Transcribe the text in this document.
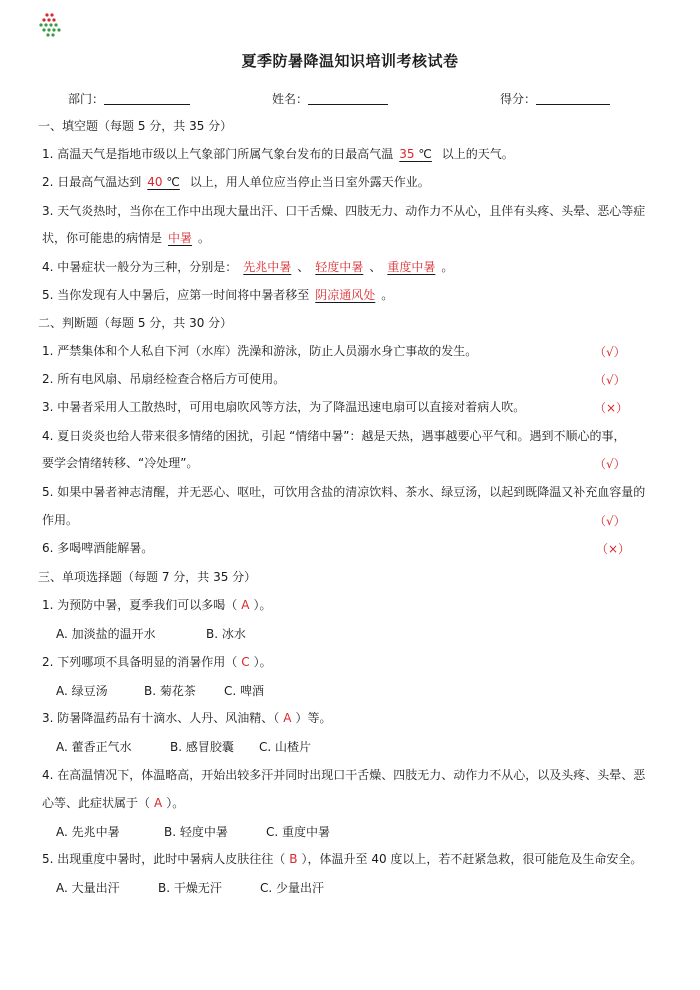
夏季防暑降温知识培训考核试卷
部门：	姓名：	得分：
一、填空题（每题 5 分，共 35 分）
1. 高温天气是指地市级以上气象部门所属气象台发布的日最高气温 35 ℃ 以上的天气。
2. 日最高气温达到 40 ℃ 以上，用人单位应当停止当日室外露天作业。
3. 天气炎热时，当你在工作中出现大量出汗、口干舌燥、四肢无力、动作力不从心，且伴有头疼、头晕、恶心等症
状，你可能患的病情是 中暑 。
4. 中暑症状一般分为三种，分别是： 先兆中暑 、 轻度中暑 、 重度中暑 。
5. 当你发现有人中暑后，应第一时间将中暑者移至 阴凉通风处 。
二、判断题（每题 5 分，共 30 分）
1. 严禁集体和个人私自下河（水库）洗澡和游泳，防止人员溺水身亡事故的发生。	（√）
2. 所有电风扇、吊扇经检查合格后方可使用。	（√）
3. 中暑者采用人工散热时，可用电扇吹风等方法，为了降温迅速电扇可以直接对着病人吹。	（×）
4. 夏日炎炎也给人带来很多情绪的困扰，引起 “情绪中暑”：越是天热，遇事越要心平气和。遇到不顺心的事，
要学会情绪转移、“冷处理”。	（√）
5. 如果中暑者神志清醒，并无恶心、呕吐，可饮用含盐的清凉饮料、茶水、绿豆汤，以起到既降温又补充血容量的
作用。	（√）
6. 多喝啤酒能解暑。	（×）
三、单项选择题（每题 7 分，共 35 分）
1. 为预防中暑，夏季我们可以多喝（ A ）。
A. 加淡盐的温开水	B. 冰水
2. 下列哪项不具备明显的消暑作用（ C ）。
A. 绿豆汤	B. 菊花茶 C. 啤酒
3. 防暑降温药品有十滴水、人丹、风油精、（ A ）等。
A. 藿香正气水	B. 感冒胶囊 C. 山楂片
4. 在高温情况下，体温略高，开始出较多汗并同时出现口干舌燥、四肢无力、动作力不从心，以及头疼、头晕、恶
心等、此症状属于（ A ）。
A. 先兆中暑	B. 轻度中暑	C. 重度中暑
5. 出现重度中暑时，此时中暑病人皮肤往往（ B ），体温升至 40 度以上，若不赶紧急救，很可能危及生命安全。
A. 大量出汗	B. 干燥无汗	C. 少量出汗
